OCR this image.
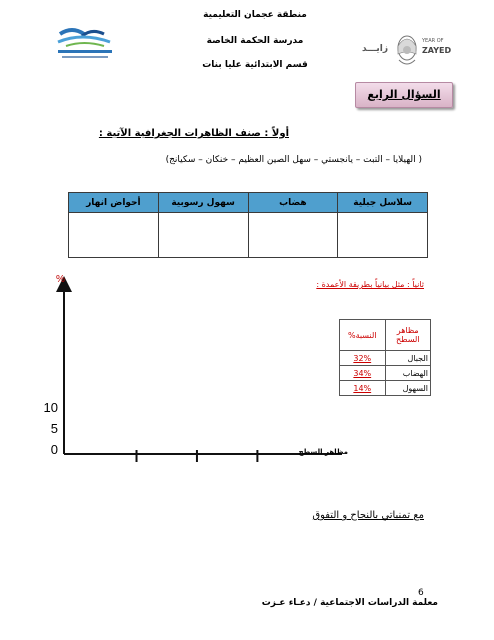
منطقة عجمان التعليمية
مدرسة الحكمة الخاصة
قسم الابتدائية عليا بنات
زايـــد
YEAR OF
ZAYED
السؤال الرابع
أولاً : صنف الظاهرات الجغرافية الآتية :
( الهيلايا – التبت – يانجستي – سهل الصين العظيم – خنكان – سكيانج)
سلاسل جبلية	هضاب	سهول رسوبية	أحواض انهار

ثانياً : مثل بيانياً بطريقة الأعمدة :
مظاهر السطح	النسبة%
الجبال	32%
الهضاب	34%
السهول	14%
%
10
5
0	مظاهر السطح
مع تمنياتي بالنجاح و التفوق
6
معلمة الدراسات الاجتماعية / دعـاء عـزت
